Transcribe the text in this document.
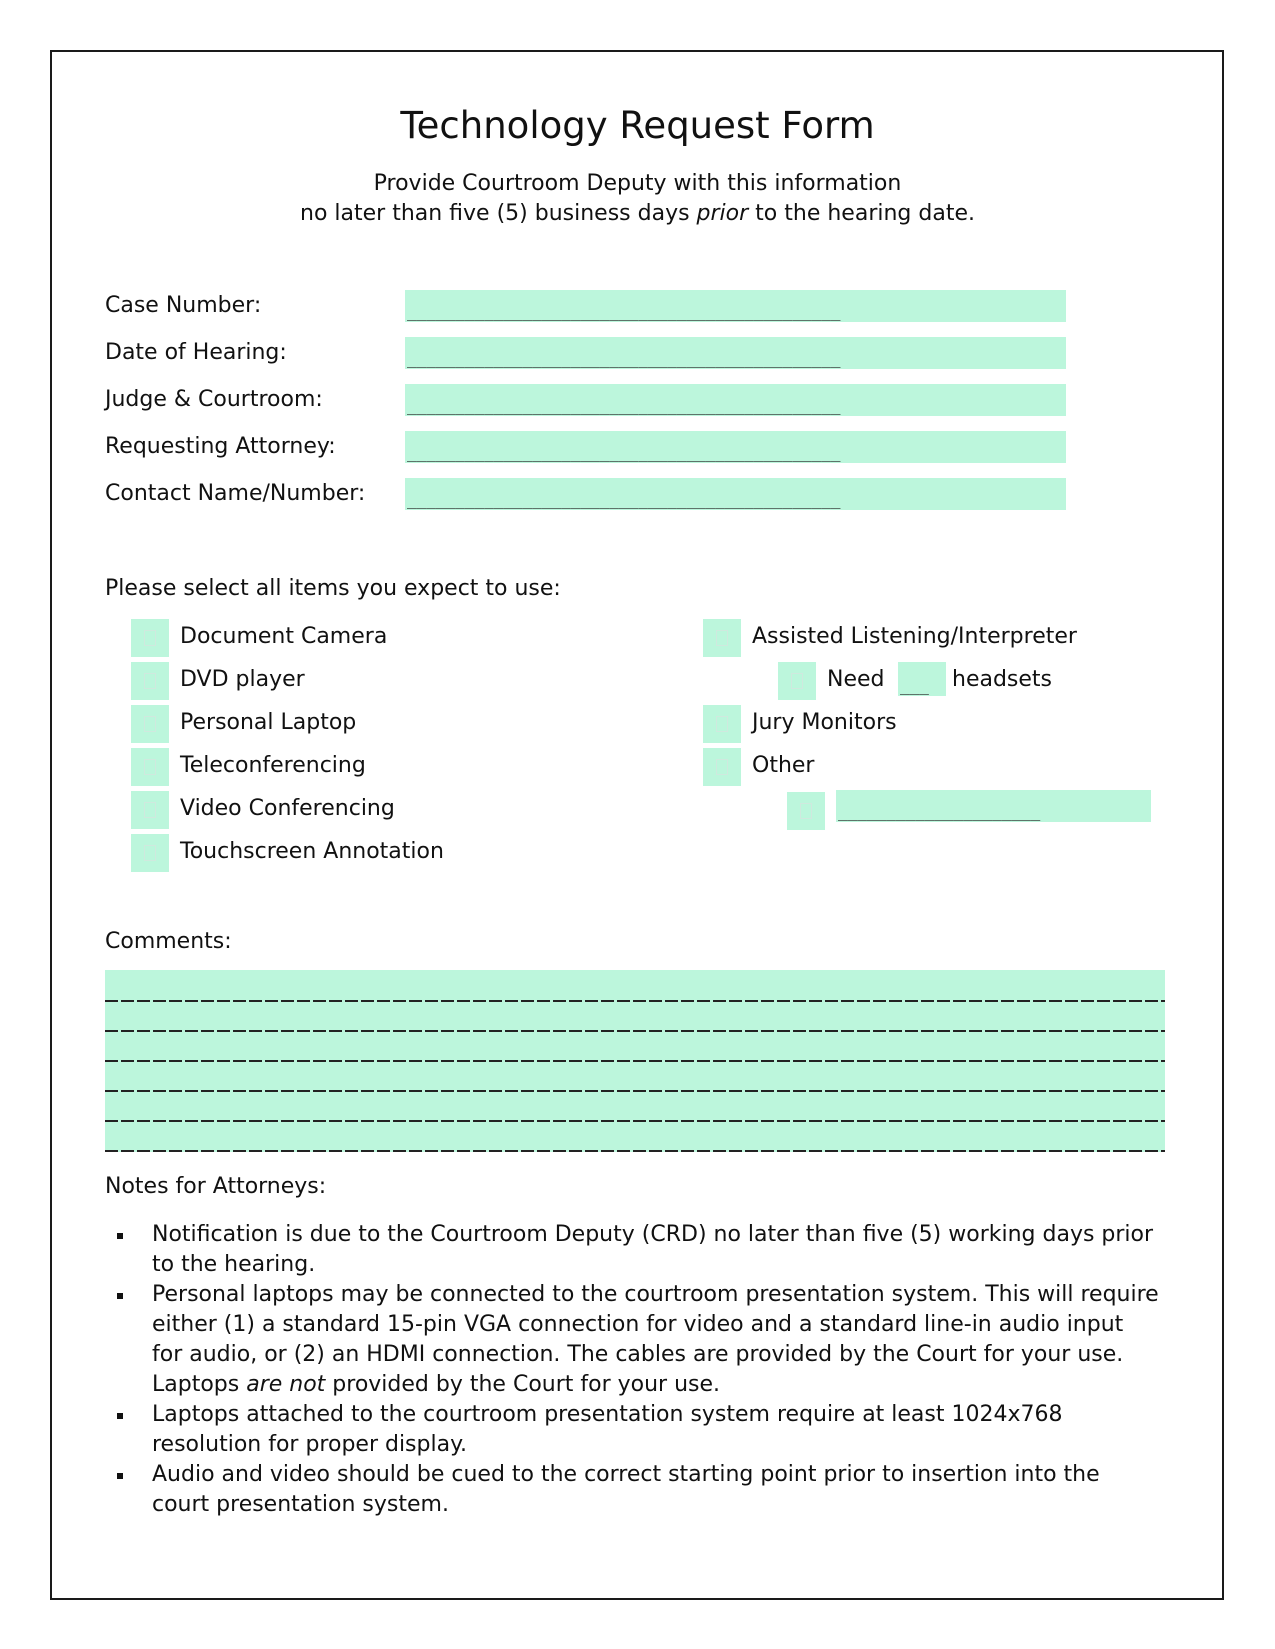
Technology Request Form
Provide Courtroom Deputy with this information
no later than five (5) business days prior to the hearing date.
Case Number:	_____________________________________________
Date of Hearing:	_____________________________________________
Judge & Courtroom:	_____________________________________________
Requesting Attorney:	_____________________________________________
Contact Name/Number:	_____________________________________________
Please select all items you expect to use:
Document Camera
DVD player
Personal Laptop
Teleconferencing
Video Conferencing
Touchscreen Annotation
Assisted Listening/Interpreter
Need ___ headsets
Jury Monitors
Other
_____________________
Comments:
Notes for Attorneys:
Notification is due to the Courtroom Deputy (CRD) no later than five (5) working days prior to the hearing.
Personal laptops may be connected to the courtroom presentation system. This will require either (1) a standard 15-pin VGA connection for video and a standard line-in audio input for audio, or (2) an HDMI connection. The cables are provided by the Court for your use. Laptops are not provided by the Court for your use.
Laptops attached to the courtroom presentation system require at least 1024x768 resolution for proper display.
Audio and video should be cued to the correct starting point prior to insertion into the court presentation system.
